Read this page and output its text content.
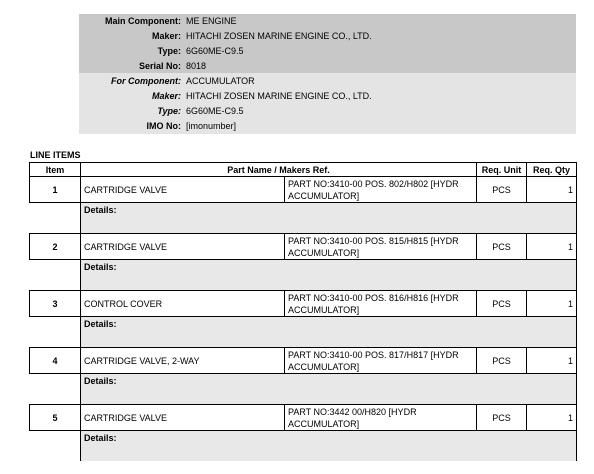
Main Component: ME ENGINE
Maker: HITACHI ZOSEN MARINE ENGINE CO., LTD.
Type: 6G60ME-C9.5
Serial No: 8018
For Component: ACCUMULATOR
Maker: HITACHI ZOSEN MARINE ENGINE CO., LTD.
Type: 6G60ME-C9.5
IMO No: [imonumber]
LINE ITEMS
Item	Part Name / Makers Ref.		Req. Unit	Req. Qty
1	CARTRIDGE VALVE	PART NO:3410-00 POS. 802/H802 [HYDR ACCUMULATOR]	PCS	1
	Details:			

2	CARTRIDGE VALVE	PART NO:3410-00 POS. 815/H815 [HYDR ACCUMULATOR]	PCS	1
	Details:			

3	CONTROL COVER	PART NO:3410-00 POS. 816/H816 [HYDR ACCUMULATOR]	PCS	1
	Details:			

4	CARTRIDGE VALVE, 2-WAY	PART NO:3410-00 POS. 817/H817 [HYDR ACCUMULATOR]	PCS	1
	Details:			

5	CARTRIDGE VALVE	PART NO:3442 00/H820 [HYDR ACCUMULATOR]	PCS	1
	Details:			
